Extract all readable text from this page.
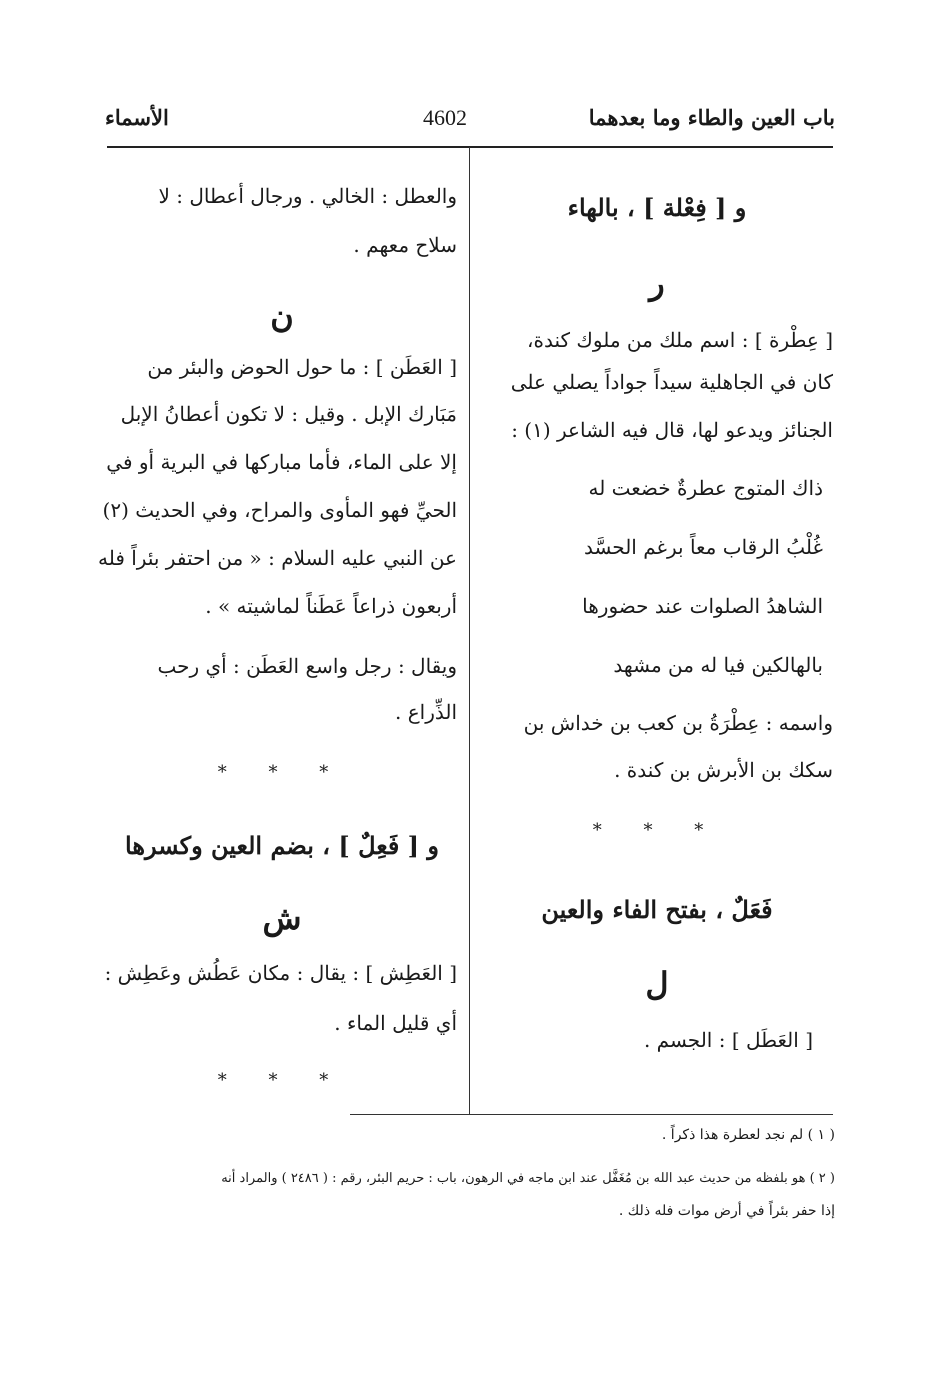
باب العين والطاء وما بعدهما
4602
الأسماء
و [ فِعْلة ] ، بالهاء
ر
[ عِطْرة ] : اسم ملك من ملوك كندة،
كان في الجاهلية سيداً جواداً يصلي على
الجنائز ويدعو لها، قال فيه الشاعر (١) :
ذاك المتوج عطرةٌ خضعت له
غُلْبُ الرقاب معاً برغم الحسَّد
الشاهدُ الصلوات عند حضورها
بالهالكين فيا له من مشهد
واسمه : عِطْرَةُ بن كعب بن خداش بن
سكك بن الأبرش بن كندة .
* * *
فَعَلٌ ، بفتح الفاء والعين
ل
[ العَطَل ] : الجسم .
والعطل : الخالي . ورجال أعطال : لا
سلاح معهم .
ن
[ العَطَن ] : ما حول الحوض والبئر من
مَبَارك الإبل . وقيل : لا تكون أعطانُ الإبل
إلا على الماء، فأما مباركها في البرية أو في
الحيِّ فهو المأوى والمراح، وفي الحديث (٢)
عن النبي عليه السلام : « من احتفر بئراً فله
أربعون ذراعاً عَطَناً لماشيته » .
ويقال : رجل واسع العَطَن : أي رحب
الذِّراع .
* * *
و [ فَعِلٌ ] ، بضم العين وكسرها
ش
[ العَطِش ] : يقال : مكان عَطُش وعَطِش :
أي قليل الماء .
* * *
( ١ ) لم نجد لعطرة هذا ذكراً .
( ٢ ) هو بلفظه من حديث عبد الله بن مُغَفَّل عند ابن ماجه في الرهون، باب : حريم البئر، رقم : ( ٢٤٨٦ ) والمراد أنه
إذا حفر بئراً في أرض موات فله ذلك .
